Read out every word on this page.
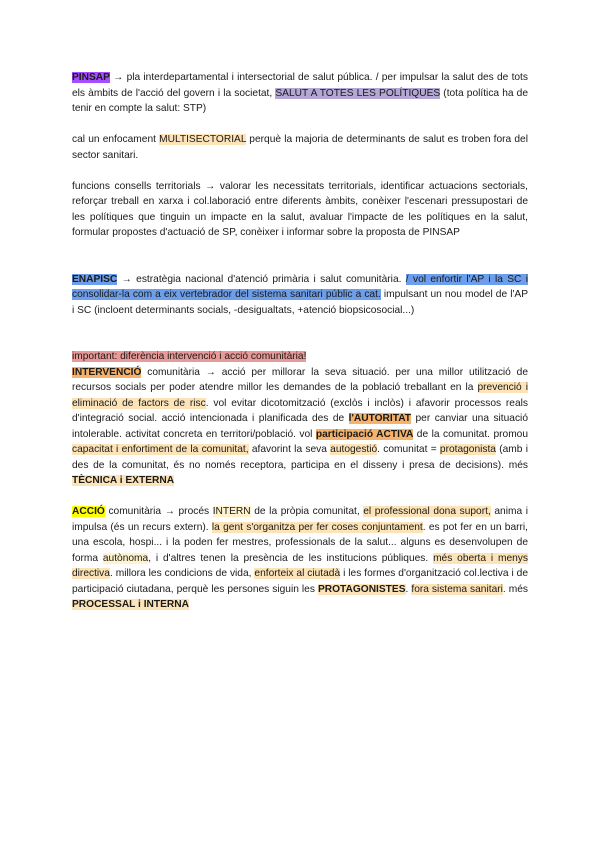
PINSAP → pla interdepartamental i intersectorial de salut pública. / per impulsar la salut des de tots els àmbits de l'acció del govern i la societat, SALUT A TOTES LES POLÍTIQUES (tota política ha de tenir en compte la salut: STP)

cal un enfocament MULTISECTORIAL perquè la majoria de determinants de salut es troben fora del sector sanitari.

funcions consells territorials → valorar les necessitats territorials, identificar actuacions sectorials, reforçar treball en xarxa i col.laboració entre diferents àmbits, conèixer l'escenari pressupostari de les polítiques que tinguin un impacte en la salut, avaluar l'impacte de les polítiques en la salut, formular propostes d'actuació de SP, conèixer i informar sobre la proposta de PINSAP

ENAPISC → estratègia nacional d'atenció primària i salut comunitària. / vol enfortir l'AP i la SC i consolidar-la com a eix vertebrador del sistema sanitari públic a cat. impulsant un nou model de l'AP i SC (incloent determinants socials, -desigualtats, +atenció biopsicosocial...)

important: diferència intervenció i acció comunitària!

INTERVENCIÓ comunitària → acció per millorar la seva situació. per una millor utilització de recursos socials per poder atendre millor les demandes de la població treballant en la prevenció i eliminació de factors de risc. vol evitar dicotomització (exclòs i inclòs) i afavorir processos reals d'integració social. acció intencionada i planificada des de l'AUTORITAT per canviar una situació intolerable. activitat concreta en territori/població. vol participació ACTIVA de la comunitat. promou capacitat i enfortiment de la comunitat, afavorint la seva autogestió. comunitat = protagonista (amb i des de la comunitat, és no només receptora, participa en el disseny i presa de decisions). més TÈCNICA i EXTERNA

ACCIÓ comunitària → procés INTERN de la pròpia comunitat, el professional dona suport, anima i impulsa (és un recurs extern). la gent s'organitza per fer coses conjuntament. es pot fer en un barri, una escola, hospi... i la poden fer mestres, professionals de la salut... alguns es desenvolupen de forma autònoma, i d'altres tenen la presència de les institucions públiques. més oberta i menys directiva. millora les condicions de vida, enforteix al ciutadà i les formes d'organització col.lectiva i de participació ciutadana, perquè les persones siguin les PROTAGONISTES. fora sistema sanitari. més PROCESSAL i INTERNA
